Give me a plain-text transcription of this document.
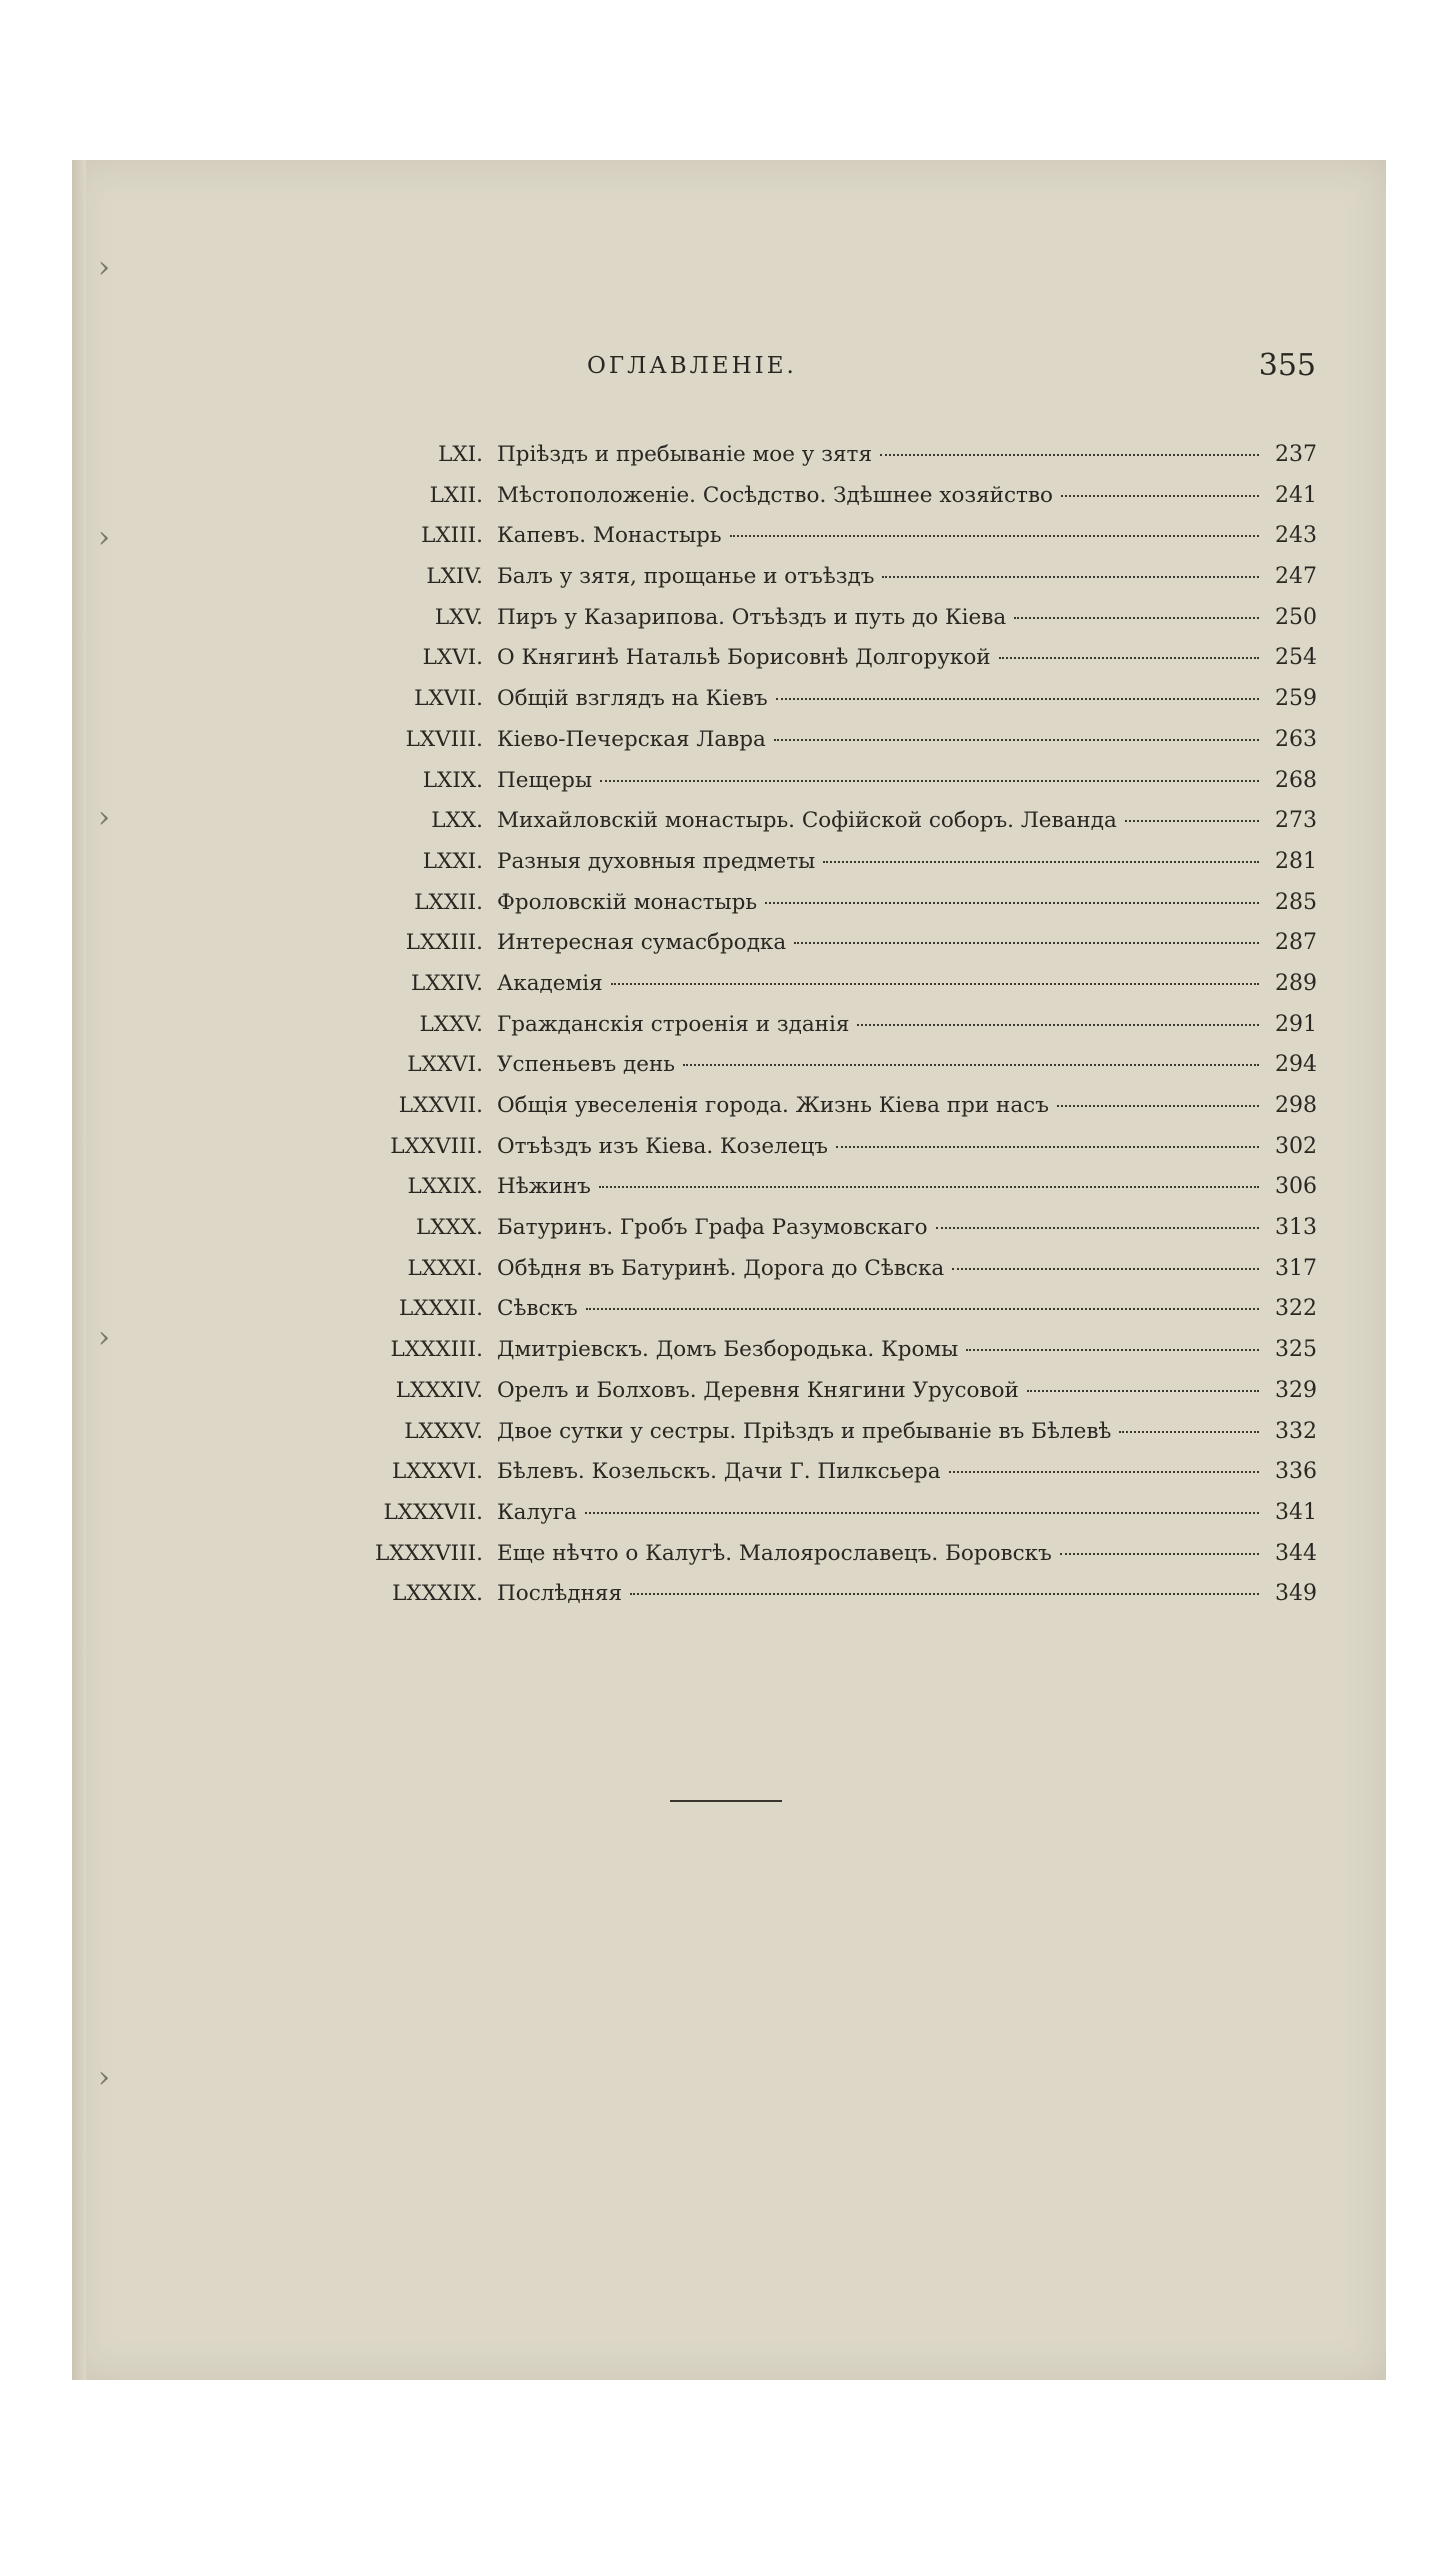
›
›
›
›
›
ОГЛАВЛЕНIЕ.	355
LXI. Прiѣздъ и пребыванiе мое у зятя	237
LXII. Мѣстоположенiе. Сосѣдство. Здѣшнее хозяйство	241
LXIII. Капевъ. Монастырь	243
LXIV. Балъ у зятя, прощанье и отъѣздъ	247
LXV. Пиръ у Казарипова. Отъѣздъ и путь до Кiева	250
LXVI. О Княгинѣ Натальѣ Борисовнѣ Долгорукой	254
LXVII. Общiй взглядъ на Кiевъ	259
LXVIII. Кiево-Печерская Лавра	263
LXIX. Пещеры	268
LXX. Михайловскiй монастырь. Софiйской соборъ. Леванда	273
LXXI. Разныя духовныя предметы	281
LXXII. Фроловскiй монастырь	285
LXXIII. Интересная сумасбродка	287
LXXIV. Академiя	289
LXXV. Гражданскiя строенiя и зданiя	291
LXXVI. Успеньевъ день	294
LXXVII. Общiя увеселенiя города. Жизнь Кiева при насъ	298
LXXVIII. Отъѣздъ изъ Кiева. Козелецъ	302
LXXIX. Нѣжинъ	306
LXXX. Батуринъ. Гробъ Графа Разумовскаго	313
LXXXI. Обѣдня въ Батуринѣ. Дорога до Сѣвска	317
LXXXII. Сѣвскъ	322
LXXXIII. Дмитрiевскъ. Домъ Безбородька. Кромы	325
LXXXIV. Орелъ и Болховъ. Деревня Княгини Урусовой	329
LXXXV. Двое сутки у сестры. Прiѣздъ и пребыванiе въ Бѣлевѣ	332
LXXXVI. Бѣлевъ. Козельскъ. Дачи Г. Пилксьера	336
LXXXVII. Калуга	341
LXXXVIII. Еще нѣчто о Калугѣ. Малоярославецъ. Боровскъ	344
LXXXIX. Послѣдняя	349
